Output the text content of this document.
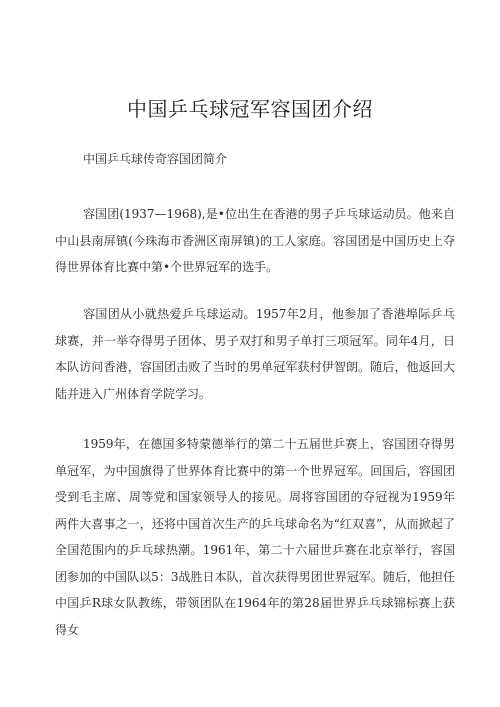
中国乒乓球冠军容国团介绍
中国乒乓球传奇容国团简介

容国团(1937—1968),是•位出生在香港的男子乒乓球运动员。他来自中山县南屏镇(今珠海市香洲区南屏镇)的工人家庭。容国团是中国历史上夺得世界体育比赛中第•个世界冠军的选手。

容国团从小就热爱乒乓球运动。1957年2月，他参加了香港埠际乒乓球赛，并一举夺得男子团体、男子双打和男子单打三项冠军。同年4月，日本队访问香港，容国团击败了当时的男单冠军获村伊智朗。随后，他返回大陆并进入广州体育学院学习。

1959年，在德国多特蒙德举行的第二十五届世乒赛上，容国团夺得男单冠军，为中国旗得了世界体育比赛中的第一个世界冠军。回国后，容国团受到毛主席、周等党和国家领导人的接见。周将容国团的夺冠视为1959年两件大喜事之一，还将中国首次生产的乒乓球命名为“红双喜”，从而掀起了全国范围内的乒乓球热潮。1961年，第二十六届世乒赛在北京举行，容国团参加的中国队以5：3战胜日本队，首次获得男团世界冠军。随后，他担任中国乒R球女队教练，带领团队在1964年的第28届世界乒乓球锦标赛上获得女
